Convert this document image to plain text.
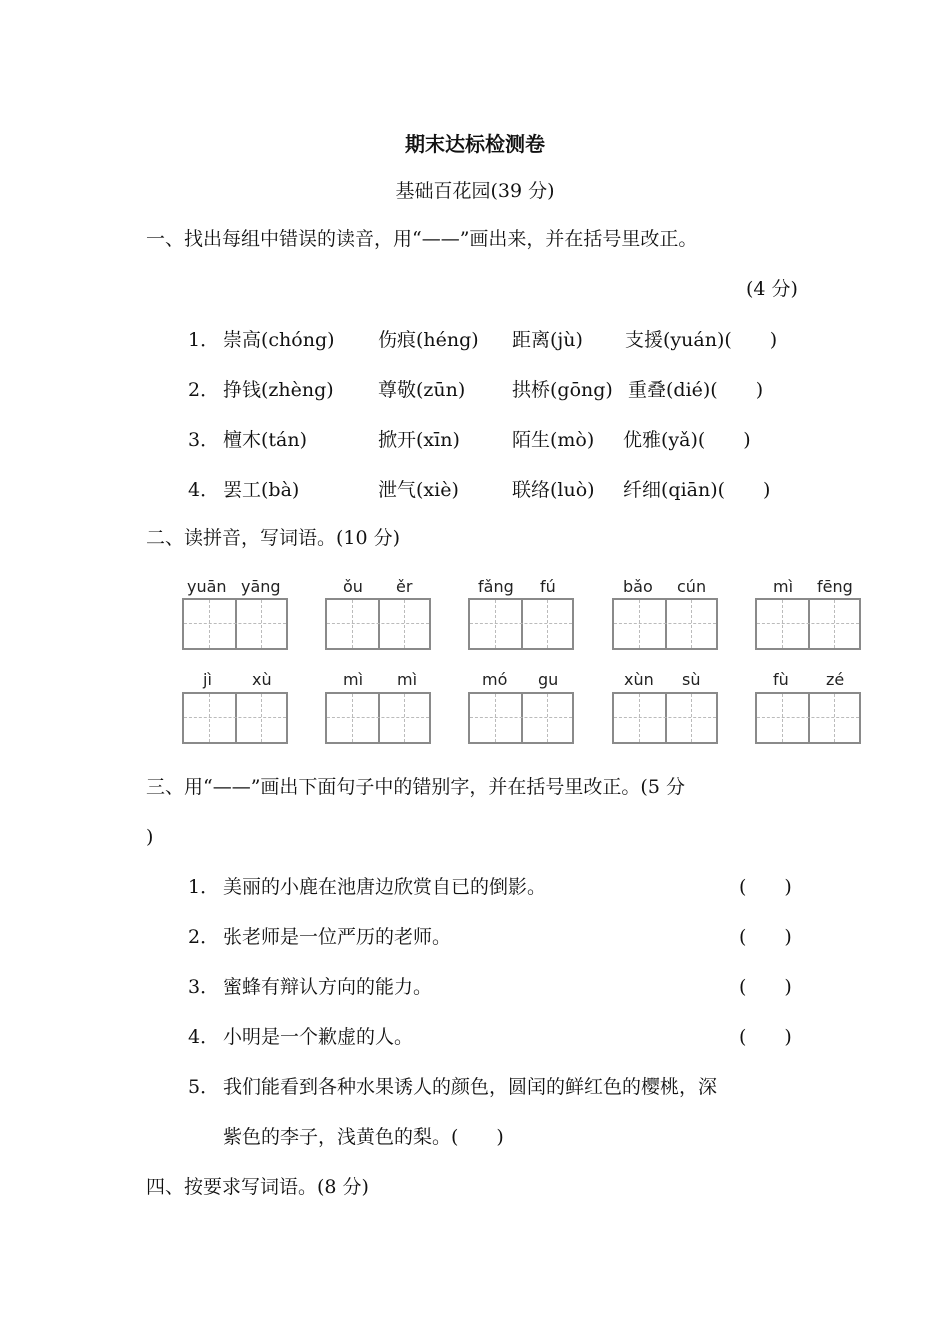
期末达标检测卷
基础百花园(39 分)
一、找出每组中错误的读音，用“——”画出来，并在括号里改正。
(4 分)
1． 崇高(chóng) 伤痕(héng) 距离(jù) 支援(yuán)(　　)
2． 挣钱(zhèng) 尊敬(zūn) 拱桥(gōng) 重叠(dié)(　　)
3． 檀木(tán)	掀开(xīn)	陌生(mò) 优雅(yǎ)(　　)
4． 罢工(bà)	泄气(xiè)	联络(luò) 纤细(qiān)(　　)
二、读拼音，写词语。(10 分)
yuān yāng	ǒu ěr	fǎng fú	bǎo cún	mì fēng
jì	xù	mì mì	mó gu	xùn sù	fù zé
三、用“——”画出下面句子中的错别字，并在括号里改正。(5 分
)
1． 美丽的小鹿在池唐边欣赏自已的倒影。	(　　)
2． 张老师是一位严历的老师。	(　　)
3． 蜜蜂有辩认方向的能力。	(　　)
4． 小明是一个歉虚的人。	(　　)
5． 我们能看到各种水果诱人的颜色，圆闰的鲜红色的樱桃，深
紫色的李子，浅黄色的梨。(　　)
四、按要求写词语。(8 分)
